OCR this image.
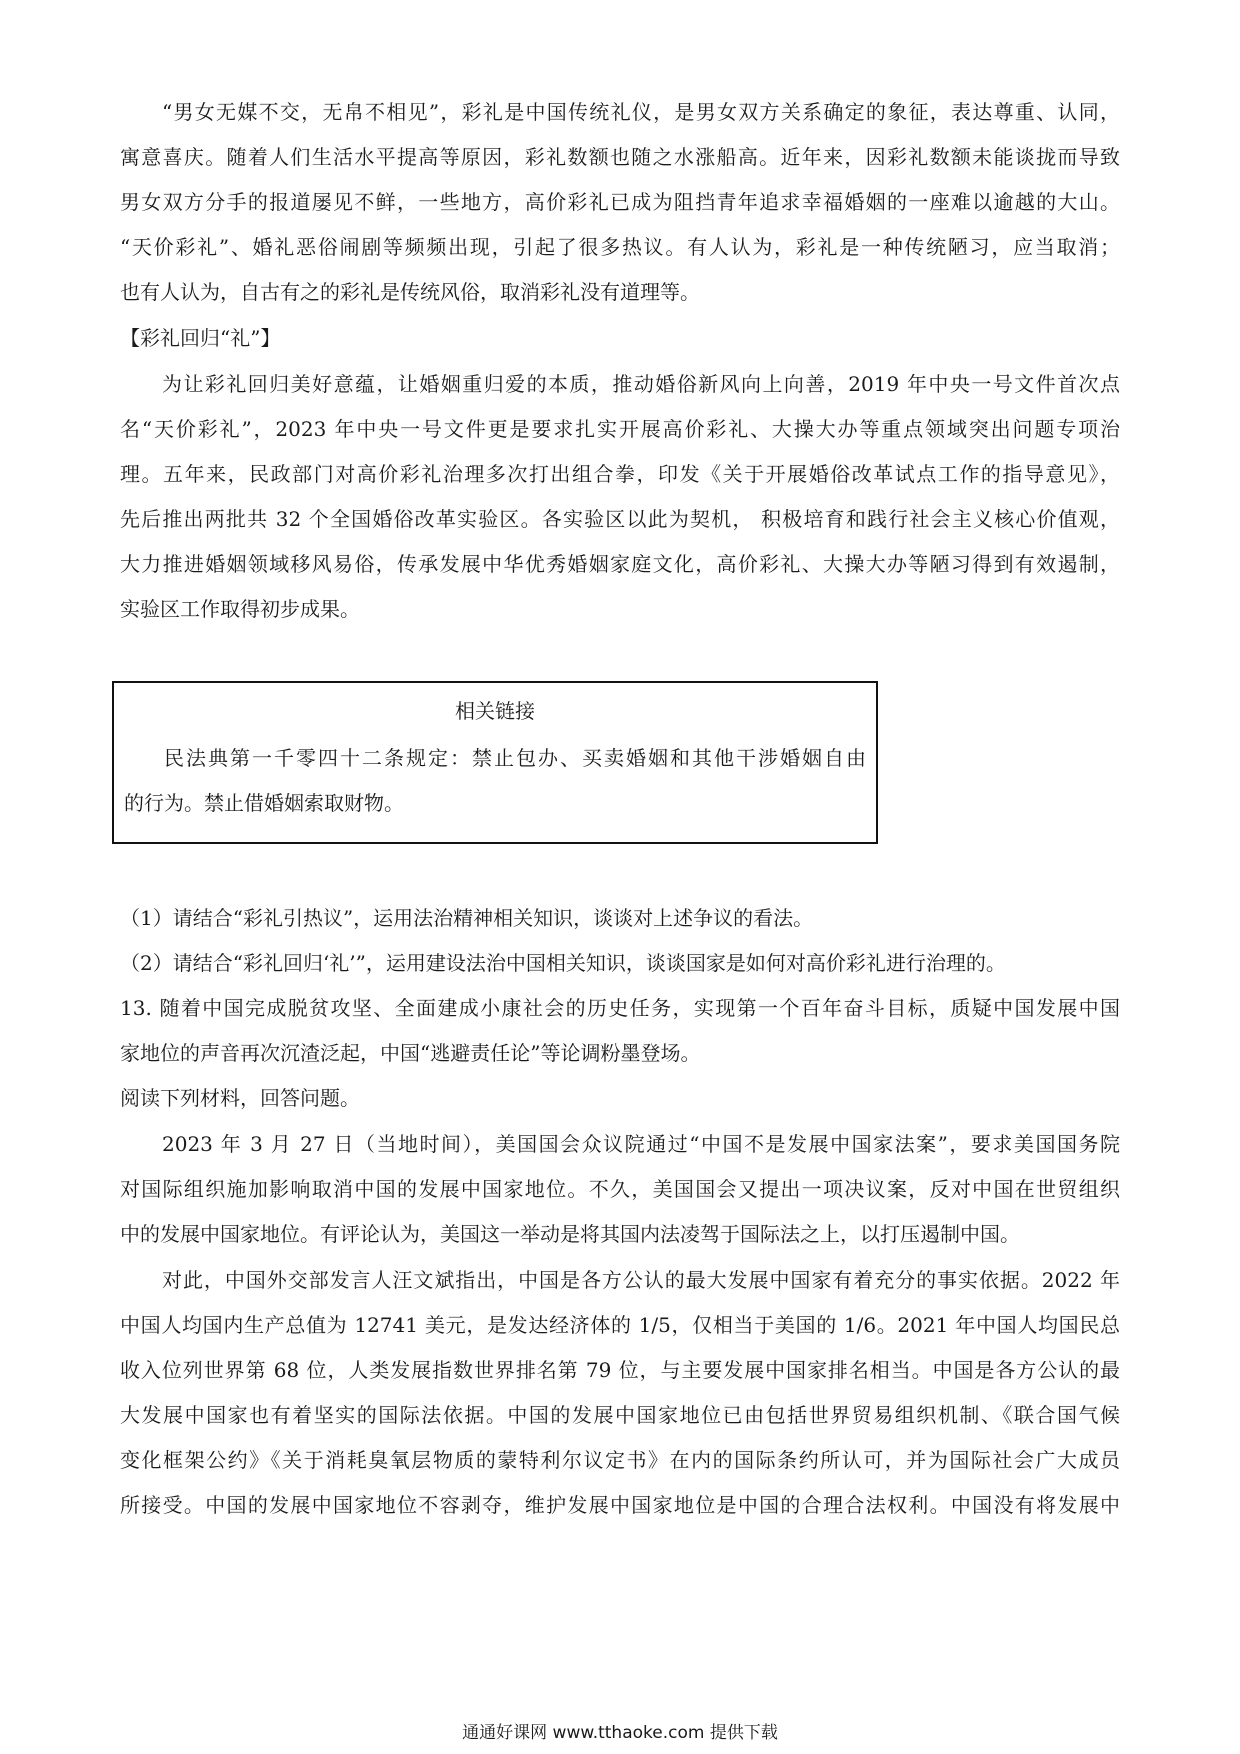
“男女无媒不交，无帛不相见”，彩礼是中国传统礼仪，是男女双方关系确定的象征，表达尊重、认同，
寓意喜庆。随着人们生活水平提高等原因，彩礼数额也随之水涨船高。近年来，因彩礼数额未能谈拢而导致
男女双方分手的报道屡见不鲜，一些地方，高价彩礼已成为阻挡青年追求幸福婚姻的一座难以逾越的大山。
“天价彩礼”、婚礼恶俗闹剧等频频出现，引起了很多热议。有人认为，彩礼是一种传统陋习，应当取消；
也有人认为，自古有之的彩礼是传统风俗，取消彩礼没有道理等。
【彩礼回归“礼”】
为让彩礼回归美好意蕴，让婚姻重归爱的本质，推动婚俗新风向上向善，2019 年中央一号文件首次点
名“天价彩礼”，2023 年中央一号文件更是要求扎实开展高价彩礼、大操大办等重点领域突出问题专项治
理。五年来，民政部门对高价彩礼治理多次打出组合拳，印发《关于开展婚俗改革试点工作的指导意见》，
先后推出两批共 32 个全国婚俗改革实验区。各实验区以此为契机， 积极培育和践行社会主义核心价值观，
大力推进婚姻领域移风易俗，传承发展中华优秀婚姻家庭文化，高价彩礼、大操大办等陋习得到有效遏制，
实验区工作取得初步成果。
相关链接
民法典第一千零四十二条规定：禁止包办、买卖婚姻和其他干涉婚姻自由
的行为。禁止借婚姻索取财物。
（1）请结合“彩礼引热议”，运用法治精神相关知识，谈谈对上述争议的看法。
（2）请结合“彩礼回归‘礼’”，运用建设法治中国相关知识，谈谈国家是如何对高价彩礼进行治理的。
13. 随着中国完成脱贫攻坚、全面建成小康社会的历史任务，实现第一个百年奋斗目标，质疑中国发展中国
家地位的声音再次沉渣泛起，中国“逃避责任论”等论调粉墨登场。
阅读下列材料，回答问题。
2023 年 3 月 27 日（当地时间），美国国会众议院通过“中国不是发展中国家法案”，要求美国国务院
对国际组织施加影响取消中国的发展中国家地位。不久，美国国会又提出一项决议案，反对中国在世贸组织
中的发展中国家地位。有评论认为，美国这一举动是将其国内法凌驾于国际法之上，以打压遏制中国。
对此，中国外交部发言人汪文斌指出，中国是各方公认的最大发展中国家有着充分的事实依据。2022 年
中国人均国内生产总值为 12741 美元，是发达经济体的 1/5，仅相当于美国的 1/6。2021 年中国人均国民总
收入位列世界第 68 位，人类发展指数世界排名第 79 位，与主要发展中国家排名相当。中国是各方公认的最
大发展中国家也有着坚实的国际法依据。中国的发展中国家地位已由包括世界贸易组织机制、《联合国气候
变化框架公约》《关于消耗臭氧层物质的蒙特利尔议定书》在内的国际条约所认可，并为国际社会广大成员
所接受。中国的发展中国家地位不容剥夺，维护发展中国家地位是中国的合理合法权利。中国没有将发展中
通通好课网 www.tthaoke.com 提供下载
